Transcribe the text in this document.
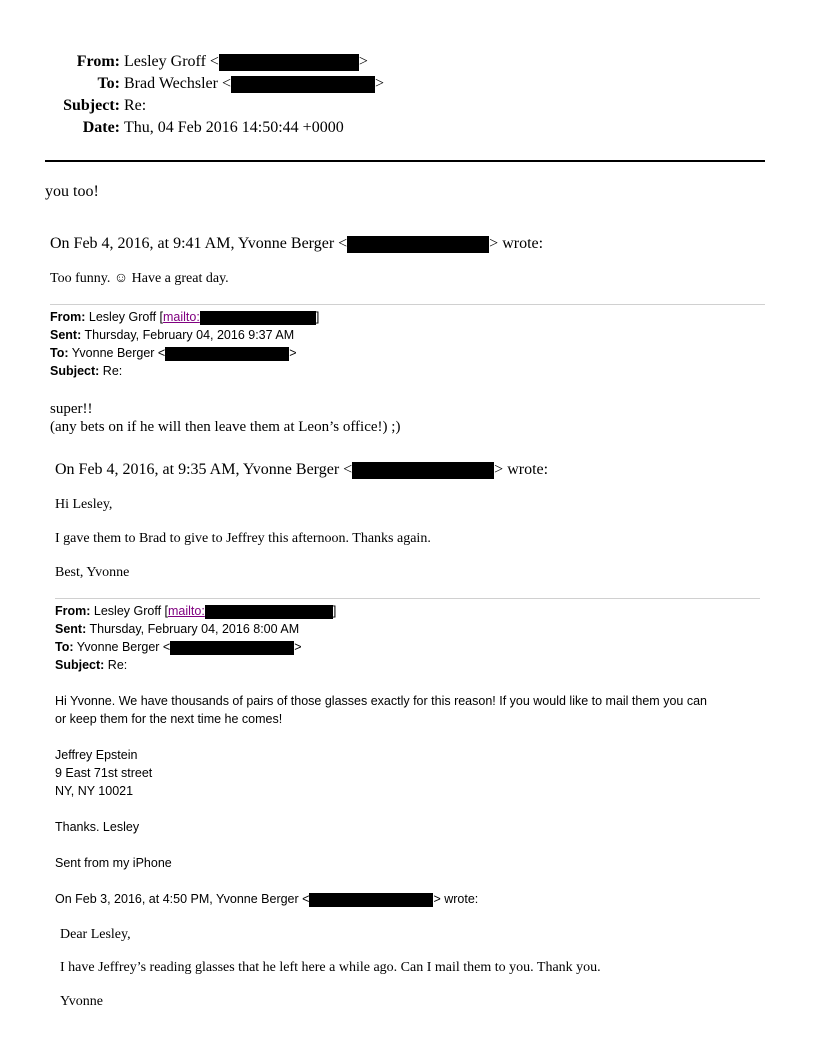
From: Lesley Groff <	>
To: Brad Wechsler <	>
Subject: Re:
Date: Thu, 04 Feb 2016 14:50:44 +0000
you too!
On Feb 4, 2016, at 9:41 AM, Yvonne Berger <	> wrote:
Too funny. ☺ Have a great day.
From: Lesley Groff [mailto:	]
Sent: Thursday, February 04, 2016 9:37 AM
To: Yvonne Berger <	>
Subject: Re:
super!!
(any bets on if he will then leave them at Leon’s office!) ;)
On Feb 4, 2016, at 9:35 AM, Yvonne Berger <	> wrote:
Hi Lesley,
I gave them to Brad to give to Jeffrey this afternoon. Thanks again.
Best, Yvonne
From: Lesley Groff [mailto:	]
Sent: Thursday, February 04, 2016 8:00 AM
To: Yvonne Berger <	>
Subject: Re:
Hi Yvonne. We have thousands of pairs of those glasses exactly for this reason! If you would like to mail them you can
or keep them for the next time he comes!
Jeffrey Epstein
9 East 71st street
NY, NY 10021
Thanks. Lesley
Sent from my iPhone
On Feb 3, 2016, at 4:50 PM, Yvonne Berger <	> wrote:
Dear Lesley,
I have Jeffrey’s reading glasses that he left here a while ago. Can I mail them to you. Thank you.
Yvonne
